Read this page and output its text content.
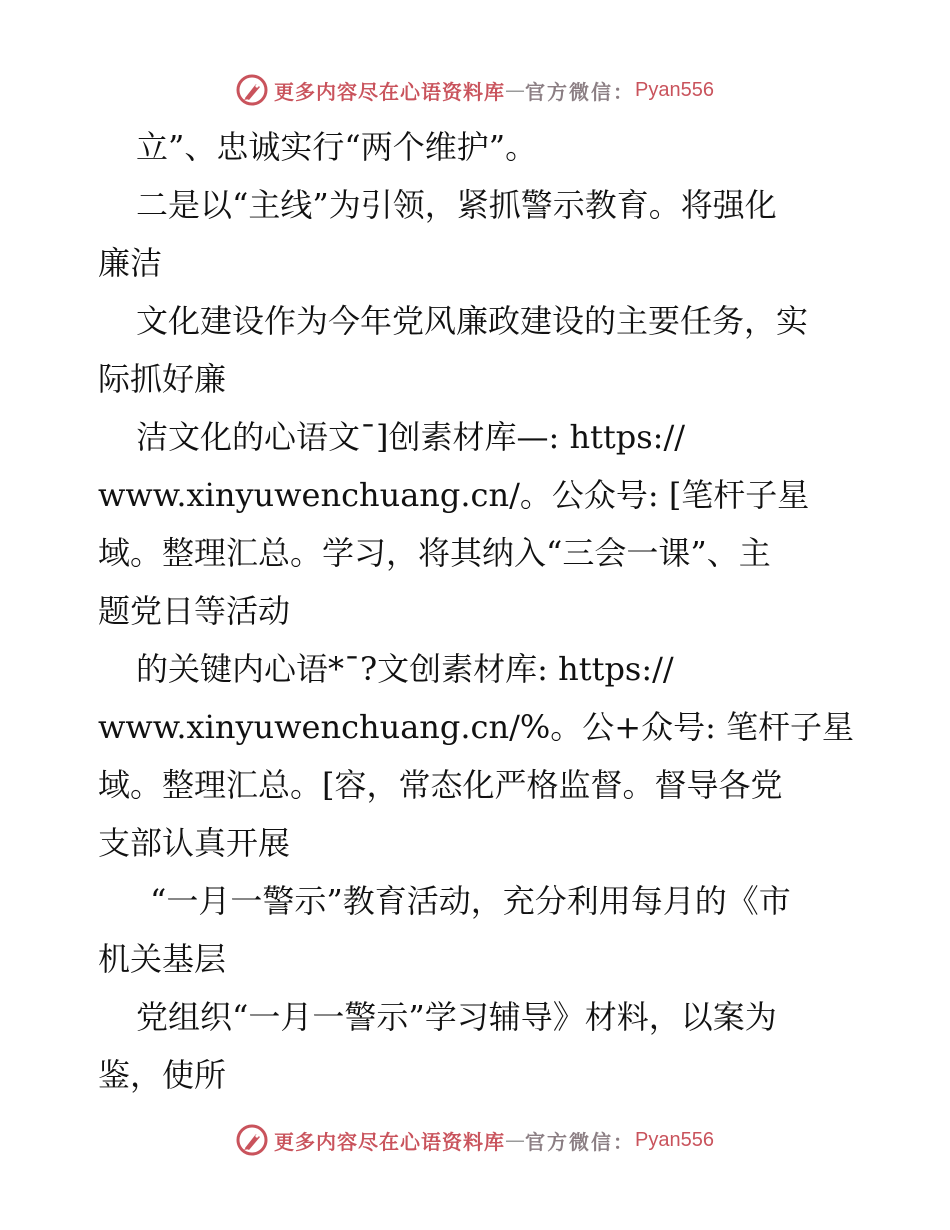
更多内容尽在心语资料库 — 官方微信： Pyan556
立”、忠诚实行“两个维护”。
二是以“主线”为引领，紧抓警示教育。将强化
廉洁
文化建设作为今年党风廉政建设的主要任务，实
际抓好廉
洁文化的心语文¯]创素材库—: https://
www.xinyuwenchuang.cn/。公众号: [笔杆子星
域。整理汇总。学习，将其纳入“三会一课”、主
题党日等活动
的关键内心语*¯?文创素材库: https://
www.xinyuwenchuang.cn/%。公+众号: 笔杆子星
域。整理汇总。[容，常态化严格监督。督导各党
支部认真开展
“一月一警示”教育活动，充分利用每月的《市
机关基层
党组织“一月一警示”学习辅导》材料，以案为
鉴，使所
更多内容尽在心语资料库 — 官方微信： Pyan556
